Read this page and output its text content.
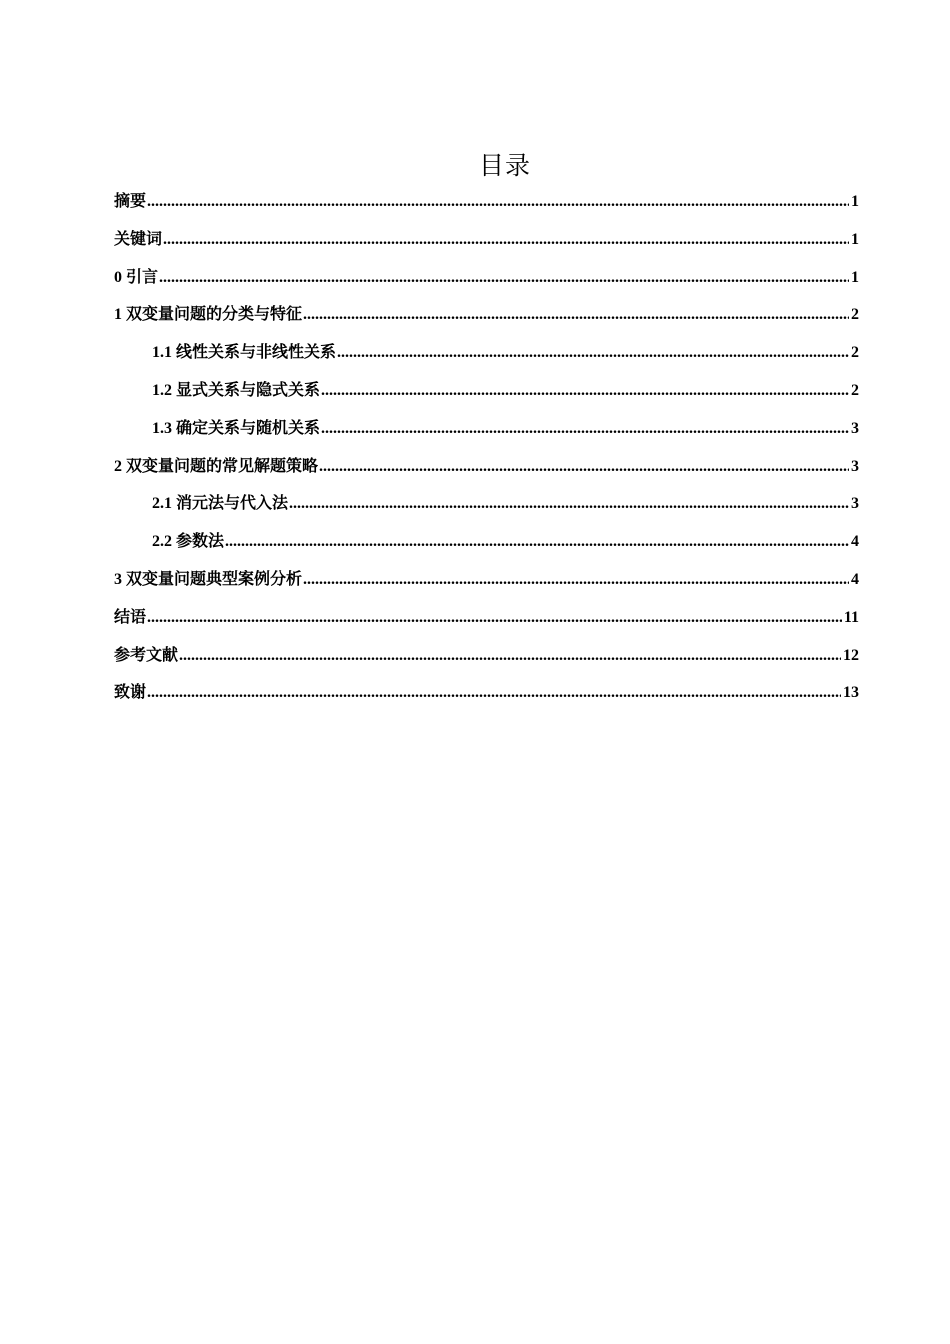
目录
摘要 .....	1
关键词 .....	1
0 引言 .....	1
1 双变量问题的分类与特征 .....	2
1.1 线性关系与非线性关系 .....	2
1.2 显式关系与隐式关系 .....	2
1.3 确定关系与随机关系 .....	3
2 双变量问题的常见解题策略 .....	3
2.1 消元法与代入法 .....	3
2.2 参数法 .....	4
3 双变量问题典型案例分析 .....	4
结语 .....	11
参考文献 .....	12
致谢 .....	13
